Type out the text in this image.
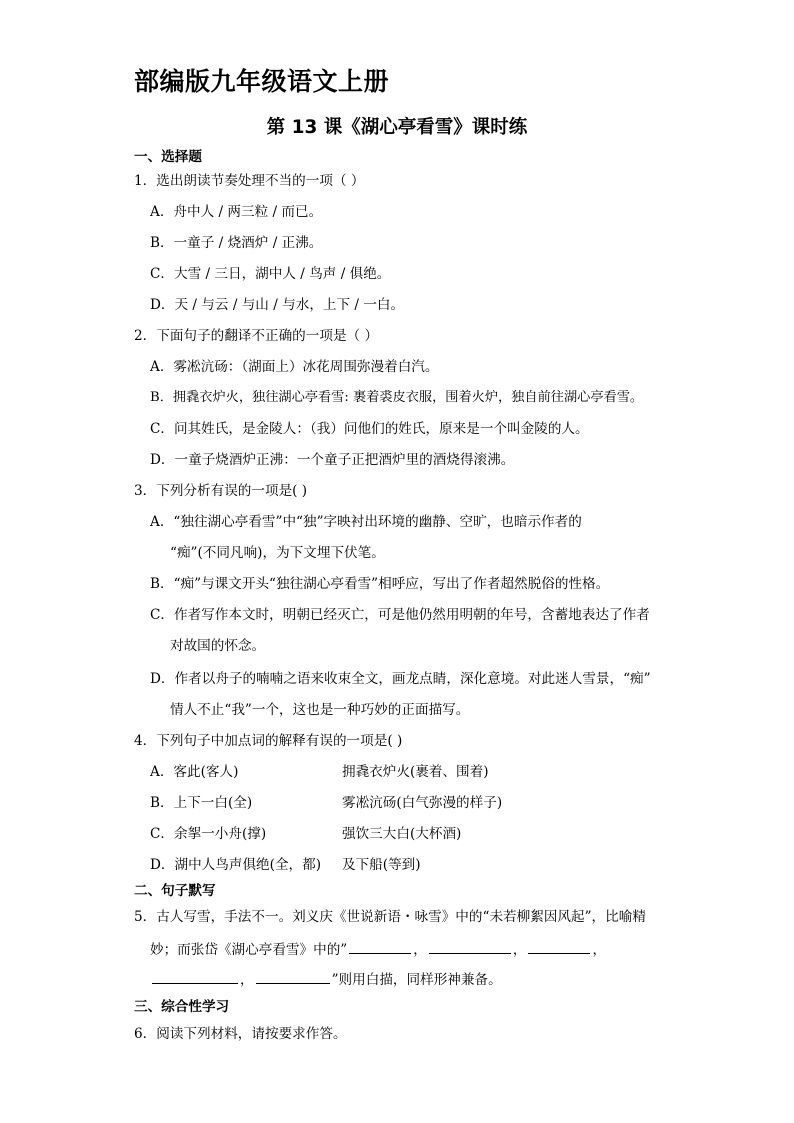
部编版九年级语文上册
第 13 课《湖心亭看雪》课时练
一、选择题
1．选出朗读节奏处理不当的一项（ ）
A．舟中人 / 两三粒 / 而已。
B．一童子 / 烧酒炉 / 正沸。
C．大雪 / 三日，湖中人 / 鸟声 / 俱绝。
D．天 / 与云 / 与山 / 与水，上下 / 一白。
2．下面句子的翻译不正确的一项是（ ）
A．雾凇沆砀：（湖面上）冰花周围弥漫着白汽。
B．拥毳衣炉火，独往湖心亭看雪: 裹着裘皮衣服，围着火炉，独自前往湖心亭看雪。
C．问其姓氏，是金陵人：（我）问他们的姓氏，原来是一个叫金陵的人。
D．一童子烧酒炉正沸：一个童子正把酒炉里的酒烧得滚沸。
3．下列分析有误的一项是( )
A．“独往湖心亭看雪”中“独”字映衬出环境的幽静、空旷，也暗示作者的
“痴”(不同凡响)，为下文埋下伏笔。
B．“痴”与课文开头“独往湖心亭看雪”相呼应，写出了作者超然脱俗的性格。
C．作者写作本文时，明朝已经灭亡，可是他仍然用明朝的年号，含蓄地表达了作者
对故国的怀念。
D．作者以舟子的喃喃之语来收束全文，画龙点睛，深化意境。对此迷人雪景，“痴”
情人不止“我”一个，这也是一种巧妙的正面描写。
4．下列句子中加点词的解释有误的一项是( )
A．客此(客人)	拥毳衣炉火(裹着、围着)
B．上下一白(全)	雾凇沆砀(白气弥漫的样子)
C．余挐一小舟(撑)	强饮三大白(大杯酒)
D．湖中人鸟声俱绝(全，都) 及下船(等到)
二、句子默写
5．古人写雪，手法不一。刘义庆《世说新语・咏雪》中的“未若柳絮因风起”，比喻精
妙；而张岱《湖心亭看雪》中的”	，	，	，
，	”则用白描，同样形神兼备。
三、综合性学习
6．阅读下列材料，请按要求作答。
